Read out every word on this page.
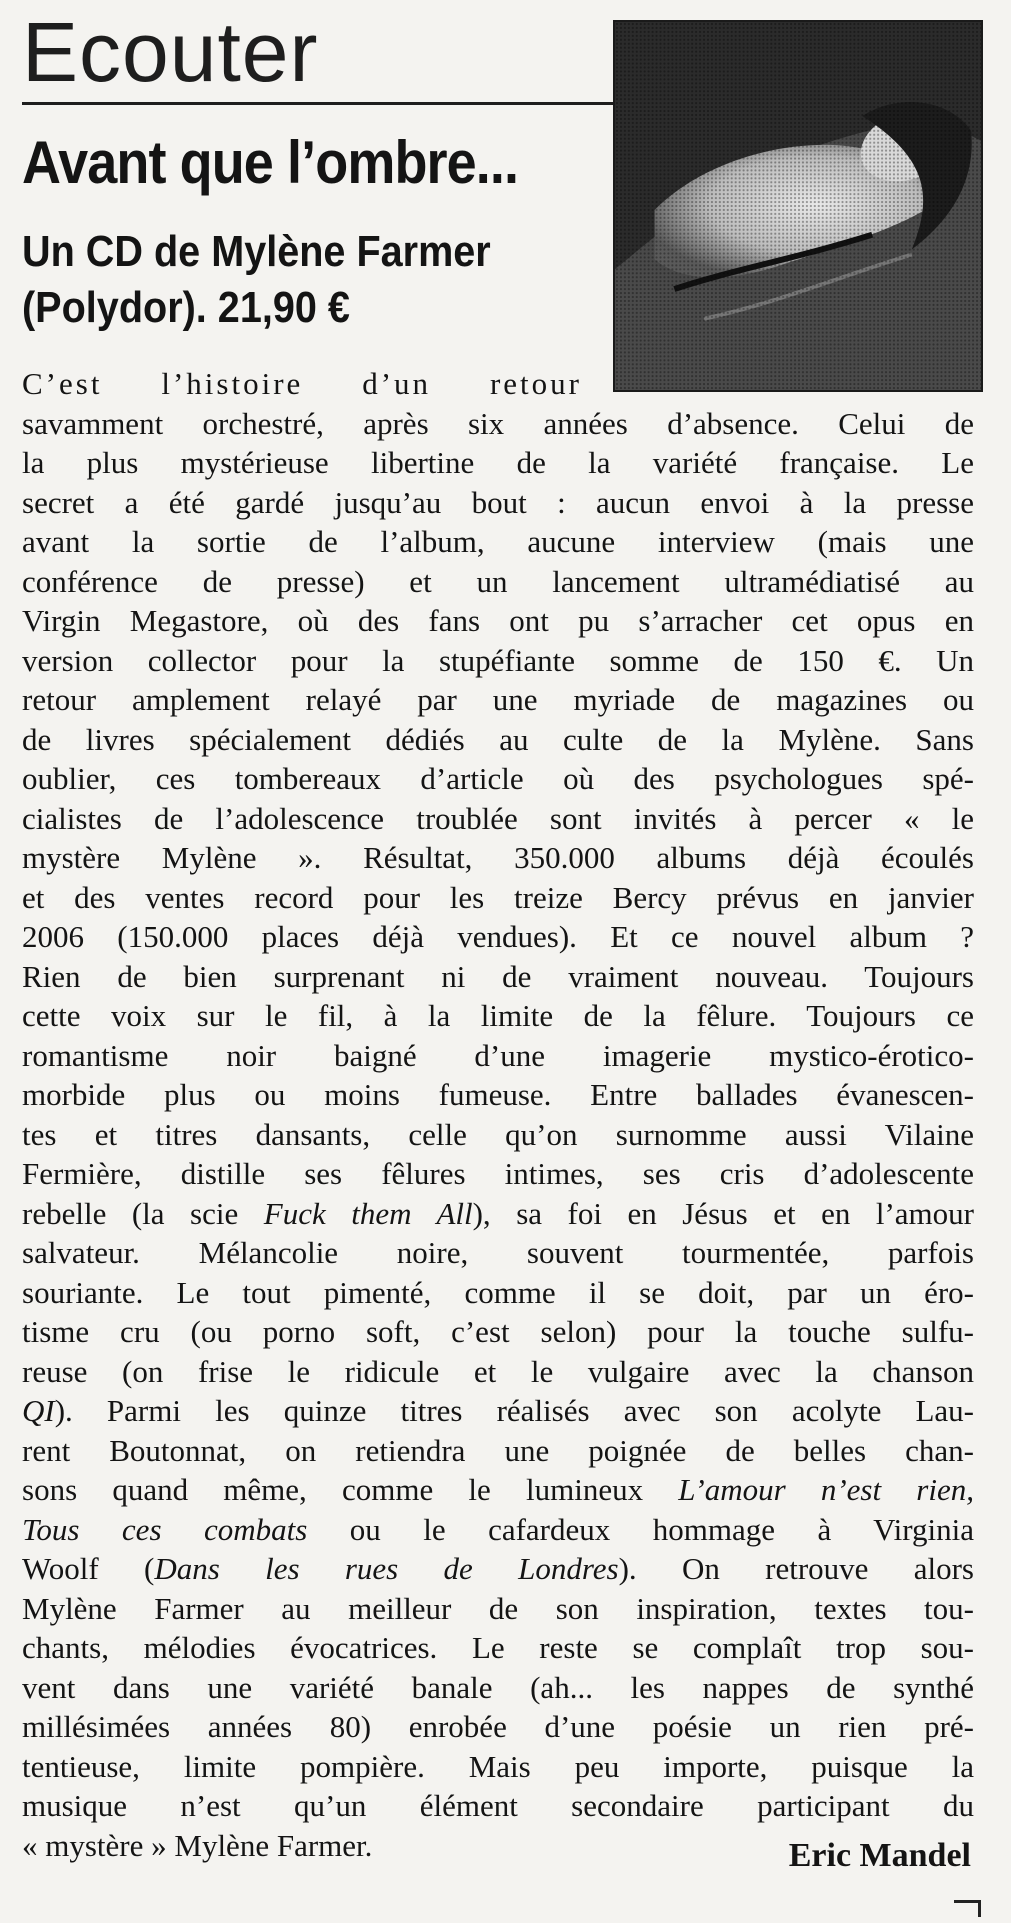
Ecouter
Avant que l’ombre...
Un CD de Mylène Farmer
(Polydor). 21,90 €
C’est l’histoire d’un retour
savamment orchestré, après six années d’absence. Celui de
la plus mystérieuse libertine de la variété française. Le
secret a été gardé jusqu’au bout : aucun envoi à la presse
avant la sortie de l’album, aucune interview (mais une
conférence de presse) et un lancement ultramédiatisé au
Virgin Megastore, où des fans ont pu s’arracher cet opus en
version collector pour la stupéfiante somme de 150 €. Un
retour amplement relayé par une myriade de magazines ou
de livres spécialement dédiés au culte de la Mylène. Sans
oublier, ces tombereaux d’article où des psychologues spé-
cialistes de l’adolescence troublée sont invités à percer « le
mystère Mylène ». Résultat, 350.000 albums déjà écoulés
et des ventes record pour les treize Bercy prévus en janvier
2006 (150.000 places déjà vendues). Et ce nouvel album ?
Rien de bien surprenant ni de vraiment nouveau. Toujours
cette voix sur le fil, à la limite de la fêlure. Toujours ce
romantisme noir baigné d’une imagerie mystico-érotico-
morbide plus ou moins fumeuse. Entre ballades évanescen-
tes et titres dansants, celle qu’on surnomme aussi Vilaine
Fermière, distille ses fêlures intimes, ses cris d’adolescente
rebelle (la scie Fuck them All), sa foi en Jésus et en l’amour
salvateur. Mélancolie noire, souvent tourmentée, parfois
souriante. Le tout pimenté, comme il se doit, par un éro-
tisme cru (ou porno soft, c’est selon) pour la touche sulfu-
reuse (on frise le ridicule et le vulgaire avec la chanson
QI). Parmi les quinze titres réalisés avec son acolyte Lau-
rent Boutonnat, on retiendra une poignée de belles chan-
sons quand même, comme le lumineux L’amour n’est rien,
Tous ces combats ou le cafardeux hommage à Virginia
Woolf (Dans les rues de Londres). On retrouve alors
Mylène Farmer au meilleur de son inspiration, textes tou-
chants, mélodies évocatrices. Le reste se complaît trop sou-
vent dans une variété banale (ah... les nappes de synthé
millésimées années 80) enrobée d’une poésie un rien pré-
tentieuse, limite pompière. Mais peu importe, puisque la
musique n’est qu’un élément secondaire participant du
« mystère » Mylène Farmer.	Eric Mandel
